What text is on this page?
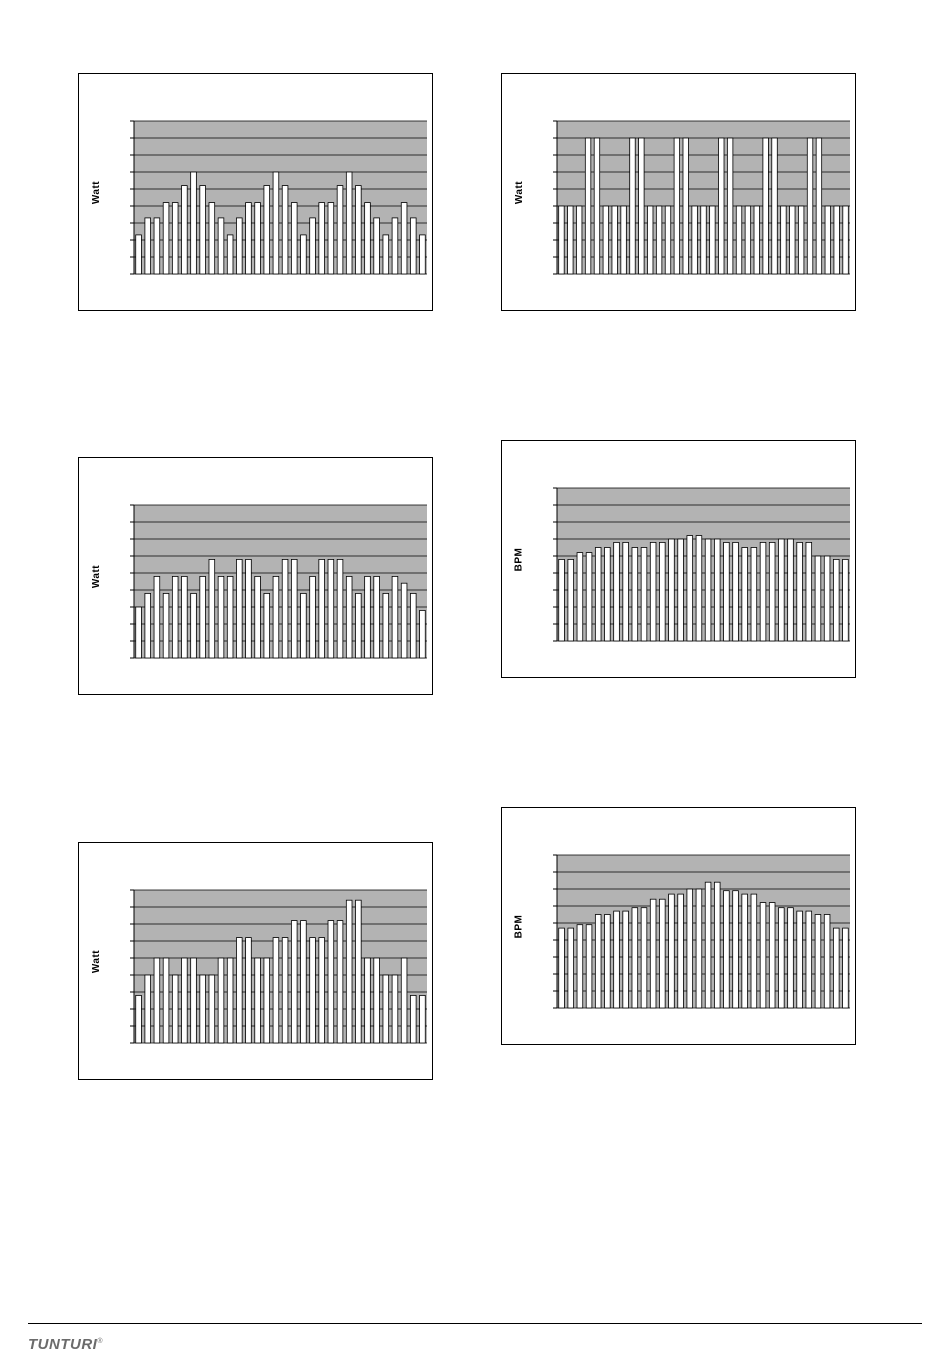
Watt
Watt
Watt
Watt
BPM
BPM
TUNTURI®
